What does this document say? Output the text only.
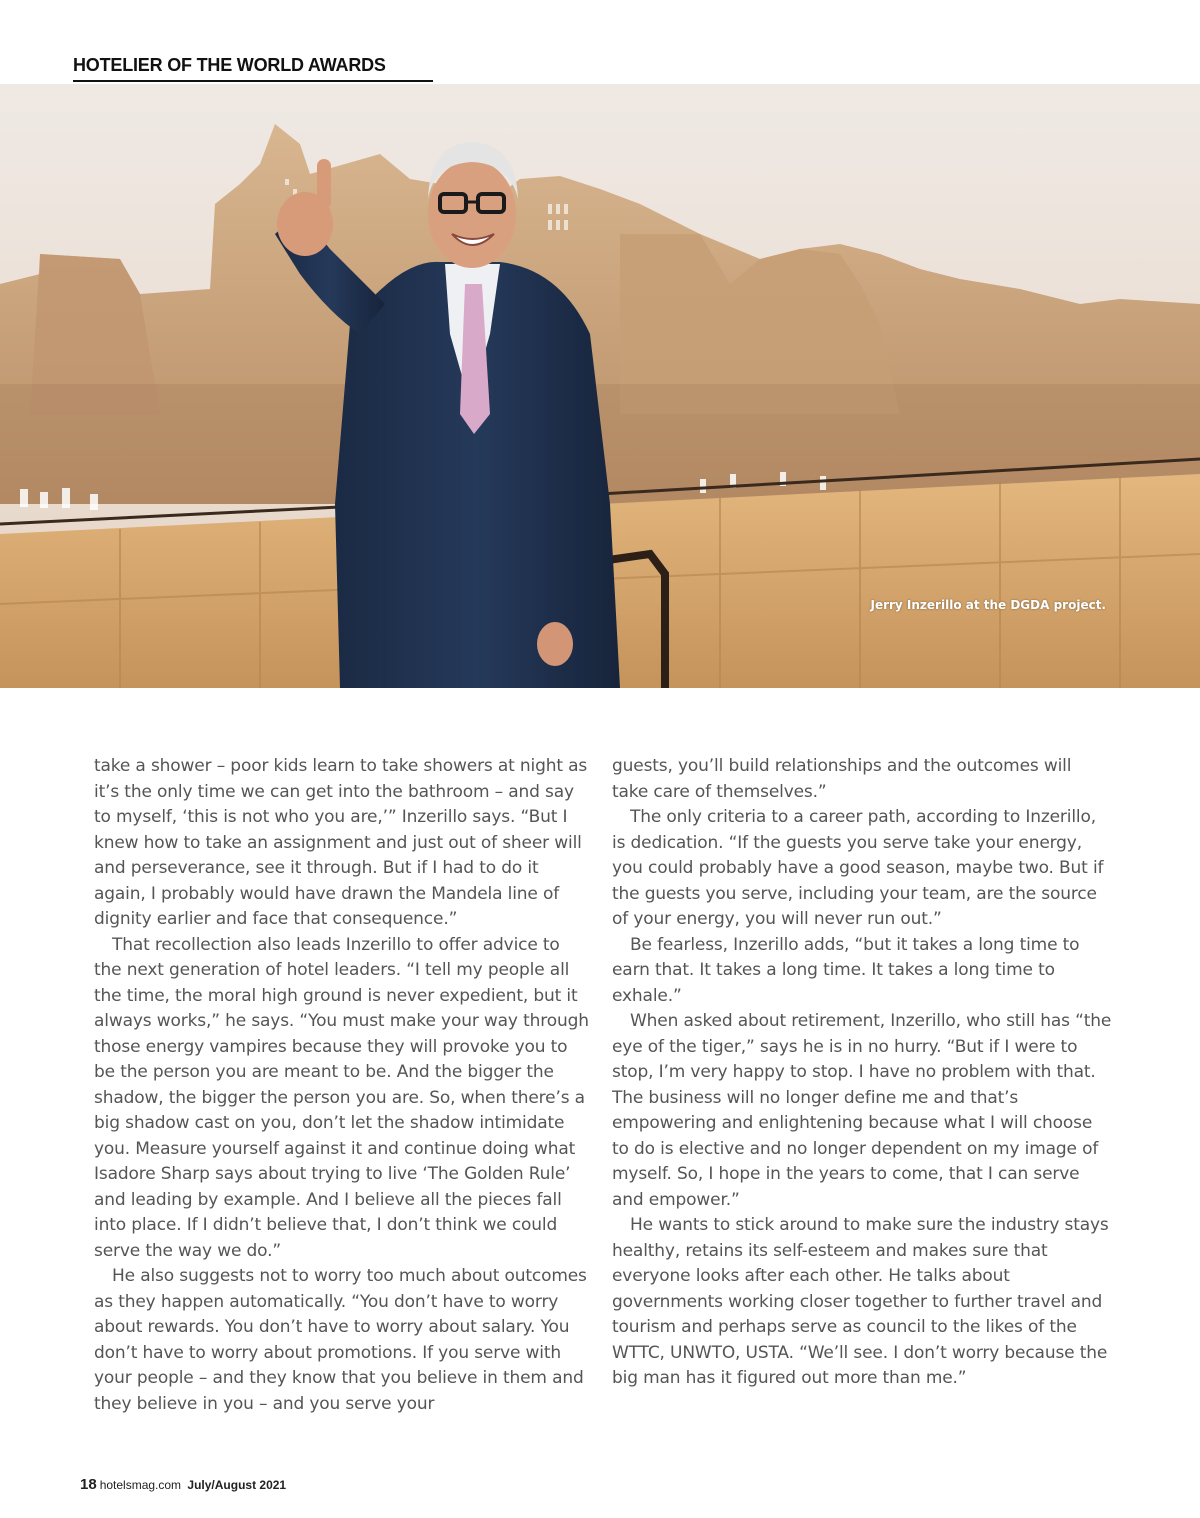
HOTELIER OF THE WORLD AWARDS
Jerry Inzerillo at the DGDA project.

take a shower – poor kids learn to take showers at night as it’s the only time we can get into the bathroom – and say to myself, ‘this is not who you are,’” Inzerillo says. “But I knew how to take an assignment and just out of sheer will and perseverance, see it through. But if I had to do it again, I probably would have drawn the Mandela line of dignity earlier and face that consequence.”

That recollection also leads Inzerillo to offer advice to the next generation of hotel leaders. “I tell my people all the time, the moral high ground is never expedient, but it always works,” he says. “You must make your way through those energy vampires because they will provoke you to be the person you are meant to be. And the bigger the shadow, the bigger the person you are. So, when there’s a big shadow cast on you, don’t let the shadow intimidate you. Measure yourself against it and continue doing what Isadore Sharp says about trying to live ‘The Golden Rule’ and leading by example. And I believe all the pieces fall into place. If I didn’t believe that, I don’t think we could serve the way we do.”

He also suggests not to worry too much about outcomes as they happen automatically. “You don’t have to worry about rewards. You don’t have to worry about salary. You don’t have to worry about promotions. If you serve with your people – and they know that you believe in them and they believe in you – and you serve your

guests, you’ll build relationships and the outcomes will take care of themselves.”

The only criteria to a career path, according to Inzerillo, is dedication. “If the guests you serve take your energy, you could probably have a good season, maybe two. But if the guests you serve, including your team, are the source of your energy, you will never run out.”

Be fearless, Inzerillo adds, “but it takes a long time to earn that. It takes a long time. It takes a long time to exhale.”

When asked about retirement, Inzerillo, who still has “the eye of the tiger,” says he is in no hurry. “But if I were to stop, I’m very happy to stop. I have no problem with that. The business will no longer define me and that’s empowering and enlightening because what I will choose to do is elective and no longer dependent on my image of myself. So, I hope in the years to come, that I can serve and empower.”

He wants to stick around to make sure the industry stays healthy, retains its self-esteem and makes sure that everyone looks after each other. He talks about governments working closer together to further travel and tourism and perhaps serve as council to the likes of the WTTC, UNWTO, USTA. “We’ll see. I don’t worry because the big man has it figured out more than me.”

18 hotelsmag.com July/August 2021
